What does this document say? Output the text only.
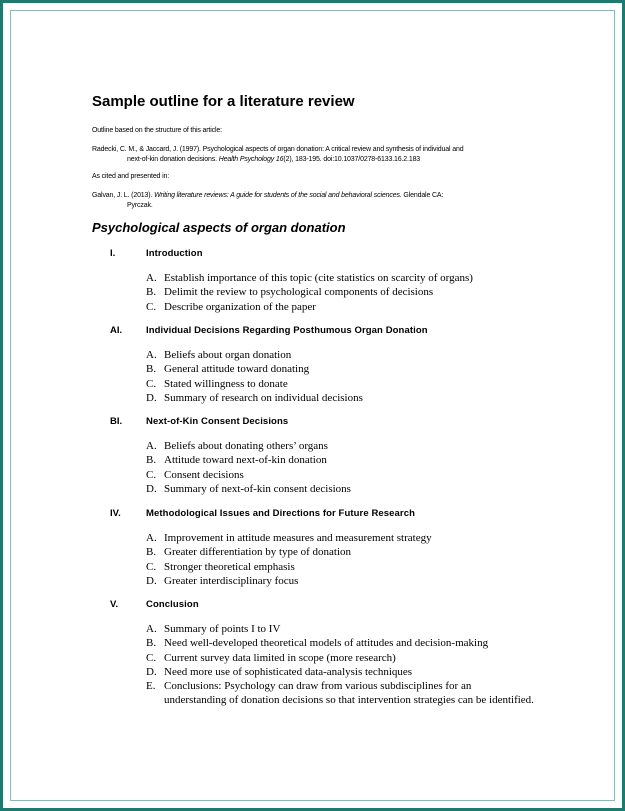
Sample outline for a literature review
Outline based on the structure of this article:
Radecki, C. M., & Jaccard, J. (1997). Psychological aspects of organ donation: A critical review and synthesis of individual and
next-of-kin donation decisions. Health Psychology 16(2), 183-195. doi:10.1037/0278-6133.16.2.183
As cited and presented in:
Galvan, J. L. (2013). Writing literature reviews: A guide for students of the social and behavioral sciences. Glendale CA:
Pyrczak.
Psychological aspects of organ donation
I.	Introduction
A. Establish importance of this topic (cite statistics on scarcity of organs)
B. Delimit the review to psychological components of decisions
C. Describe organization of the paper
AI.	Individual Decisions Regarding Posthumous Organ Donation
A. Beliefs about organ donation
B. General attitude toward donating
C. Stated willingness to donate
D. Summary of research on individual decisions
BI.	Next-of-Kin Consent Decisions
A. Beliefs about donating others’ organs
B. Attitude toward next-of-kin donation
C. Consent decisions
D. Summary of next-of-kin consent decisions
IV.	Methodological Issues and Directions for Future Research
A. Improvement in attitude measures and measurement strategy
B. Greater differentiation by type of donation
C. Stronger theoretical emphasis
D. Greater interdisciplinary focus
V.	Conclusion
A. Summary of points I to IV
B. Need well-developed theoretical models of attitudes and decision-making
C. Current survey data limited in scope (more research)
D. Need more use of sophisticated data-analysis techniques
E. Conclusions: Psychology can draw from various subdisciplines for an understanding of donation decisions so that intervention strategies can be identified.
